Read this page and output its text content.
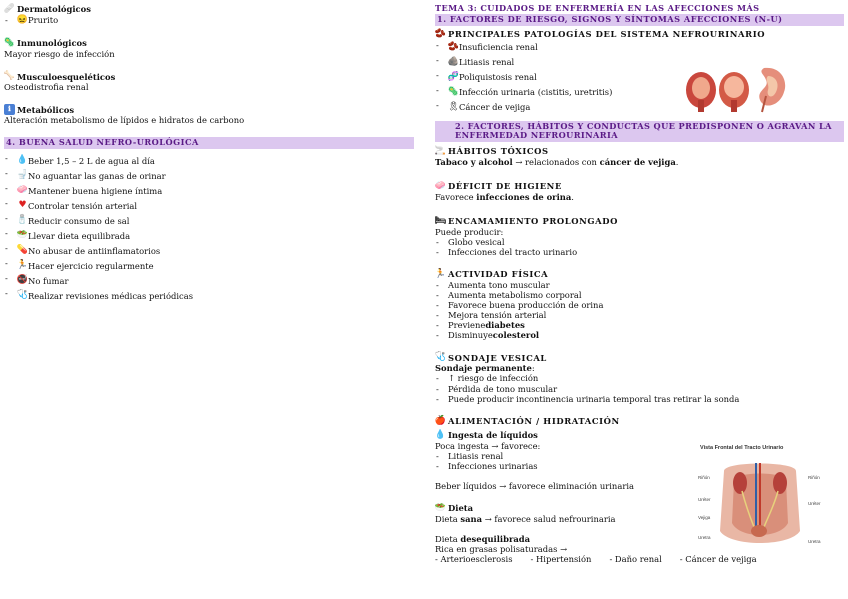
🩹 Dermatológicos
- 😖 Prurito
🦠 Inmunológicos
Mayor riesgo de infección
🦴 Musculoesqueléticos
Osteodistrofia renal
ℹ Metabólicos
Alteración metabolismo de lípidos e hidratos de carbono
4. BUENA SALUD NEFRO-UROLÓGICA
- 💧 Beber 1,5 – 2 L de agua al día
- 🚽 No aguantar las ganas de orinar
- 🧼 Mantener buena higiene íntima
- ♥ Controlar tensión arterial
- 🧂 Reducir consumo de sal
- 🥗 Llevar dieta equilibrada
- 💊 No abusar de antiinflamatorios
- 🏃 Hacer ejercicio regularmente
- 🚭 No fumar
- 🩺 Realizar revisiones médicas periódicas
TEMA 3: CUIDADOS DE ENFERMERÍA EN LAS AFECCIONES MÁS
1. FACTORES DE RIESGO, SIGNOS Y SÍNTOMAS AFECCIONES (N-U)
🫘 PRINCIPALES PATOLOGÍAS DEL SISTEMA NEFROURINARIO
- 🫘 Insuficiencia renal
- 🪨 Litiasis renal
- 🧬 Poliquistosis renal
- 🦠 Infección urinaria (cistitis, uretritis)
- 🎗 Cáncer de vejiga
2. FACTORES, HÁBITOS Y CONDUCTAS QUE PREDISPONEN O AGRAVAN LA ENFERMEDAD NEFROURINARIA
🚬 HÁBITOS TÓXICOS
Tabaco y alcohol → relacionados con cáncer de vejiga.
🧼 DÉFICIT DE HIGIENE
Favorece infecciones de orina.
🛏 ENCAMAMIENTO PROLONGADO
Puede producir:
- Globo vesical
- Infecciones del tracto urinario
🏃 ACTIVIDAD FÍSICA
- Aumenta tono muscular
- Aumenta metabolismo corporal
- Favorece buena producción de orina
- Mejora tensión arterial
- Previene diabetes
- Disminuye colesterol
🩺 SONDAJE VESICAL
Sondaje permanente:
- ↑ riesgo de infección
- Pérdida de tono muscular
- Puede producir incontinencia urinaria temporal tras retirar la sonda
🍎 ALIMENTACIÓN / HIDRATACIÓN
💧 Ingesta de líquidos
Poca ingesta → favorece:
- Litiasis renal
- Infecciones urinarias
Beber líquidos → favorece eliminación urinaria
🥗 Dieta
Dieta sana → favorece salud nefrourinaria
Dieta desequilibrada
Rica en grasas polisaturadas →
- Arterioesclerosis - Hipertensión - Daño renal - Cáncer de vejiga
Vista Frontal del Tracto Urinario
Riñón
Uréter
Vejiga
Uretra
Riñón
Uréter
Uretra
